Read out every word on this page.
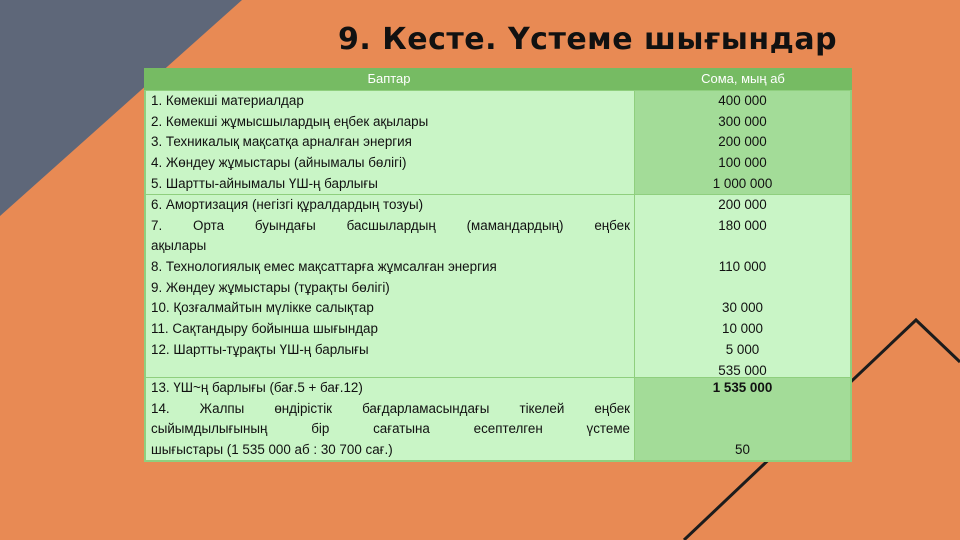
9. Кесте. Үстеме шығындар
Баптар	Сома, мың аб
1. Көмекші материалдар
2. Көмекші жұмысшылардың еңбек ақылары
3. Техникалық мақсатқа арналған энергия
4. Жөндеу жұмыстары (айнымалы бөлігі)
5. Шартты-айнымалы ҮШ-ң барлығы
400 000
300 000
200 000
100 000
1 000 000
6. Амортизация (негізгі құралдардың тозуы)
7. Орта буындағы басшылардың (мамандардың) еңбек
ақылары
8. Технологиялық емес мақсаттарға жұмсалған энергия
9. Жөндеу жұмыстары (тұрақты бөлігі)
10. Қозғалмайтын мүлікке салықтар
11. Сақтандыру бойынша шығындар
12. Шартты-тұрақты ҮШ-ң барлығы
200 000
180 000
110 000
30 000
10 000
5 000
535 000
13. ҮШ~ң барлығы (бағ.5 + бағ.12)
14. Жалпы өндірістік бағдарламасындағы тікелей еңбек
сыйымдылығының бір сағатына есептелген үстеме
шығыстары (1 535 000 аб : 30 700 сағ.)
1 535 000
50
